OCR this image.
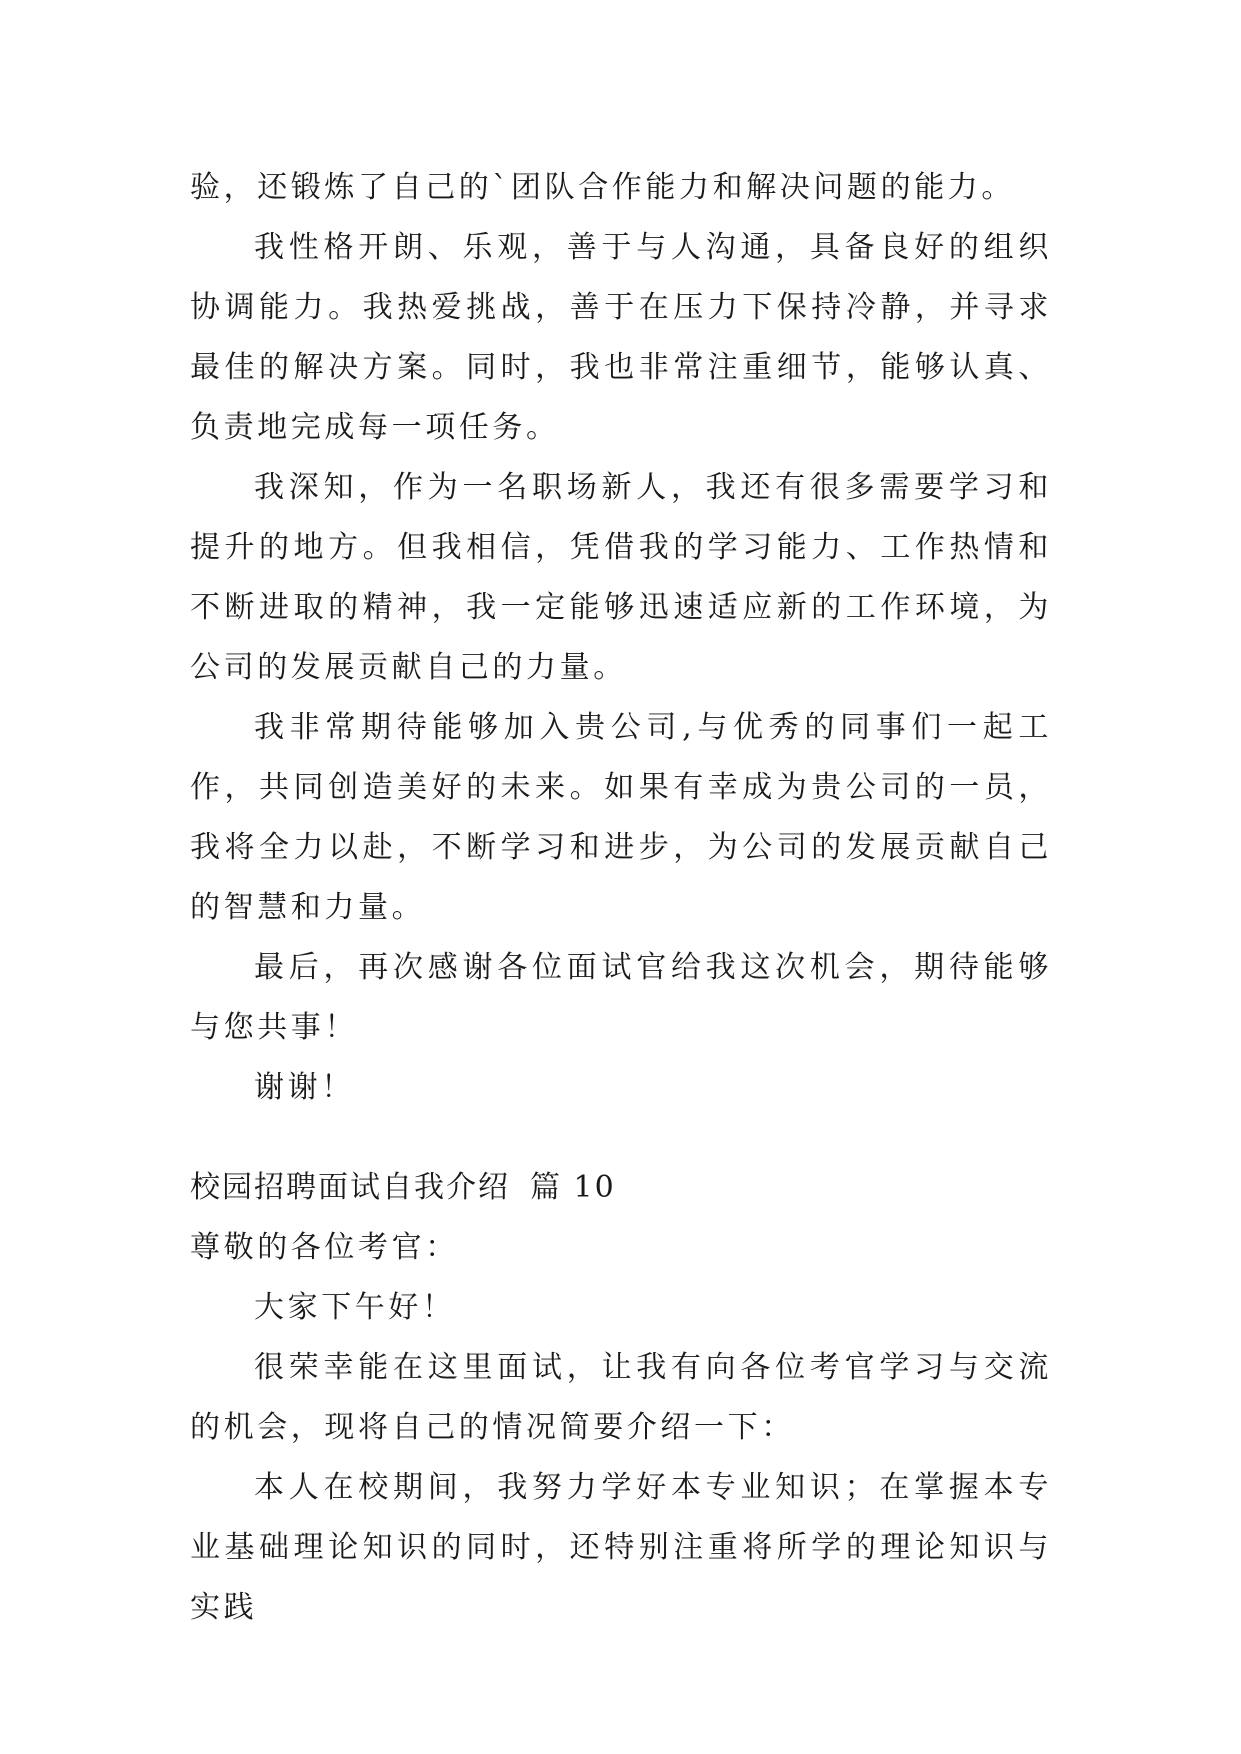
验，还锻炼了自己的`团队合作能力和解决问题的能力。

我性格开朗、乐观，善于与人沟通，具备良好的组织协调能力。我热爱挑战，善于在压力下保持冷静，并寻求最佳的解决方案。同时，我也非常注重细节，能够认真、负责地完成每一项任务。

我深知，作为一名职场新人，我还有很多需要学习和提升的地方。但我相信，凭借我的学习能力、工作热情和不断进取的精神，我一定能够迅速适应新的工作环境，为公司的发展贡献自己的力量。

我非常期待能够加入贵公司,与优秀的同事们一起工作，共同创造美好的未来。如果有幸成为贵公司的一员，我将全力以赴，不断学习和进步，为公司的发展贡献自己的智慧和力量。

最后，再次感谢各位面试官给我这次机会，期待能够与您共事！

谢谢！

校园招聘面试自我介绍 篇 10

尊敬的各位考官：

大家下午好！

很荣幸能在这里面试，让我有向各位考官学习与交流的机会，现将自己的情况简要介绍一下：

本人在校期间，我努力学好本专业知识；在掌握本专业基础理论知识的同时，还特别注重将所学的理论知识与实践
